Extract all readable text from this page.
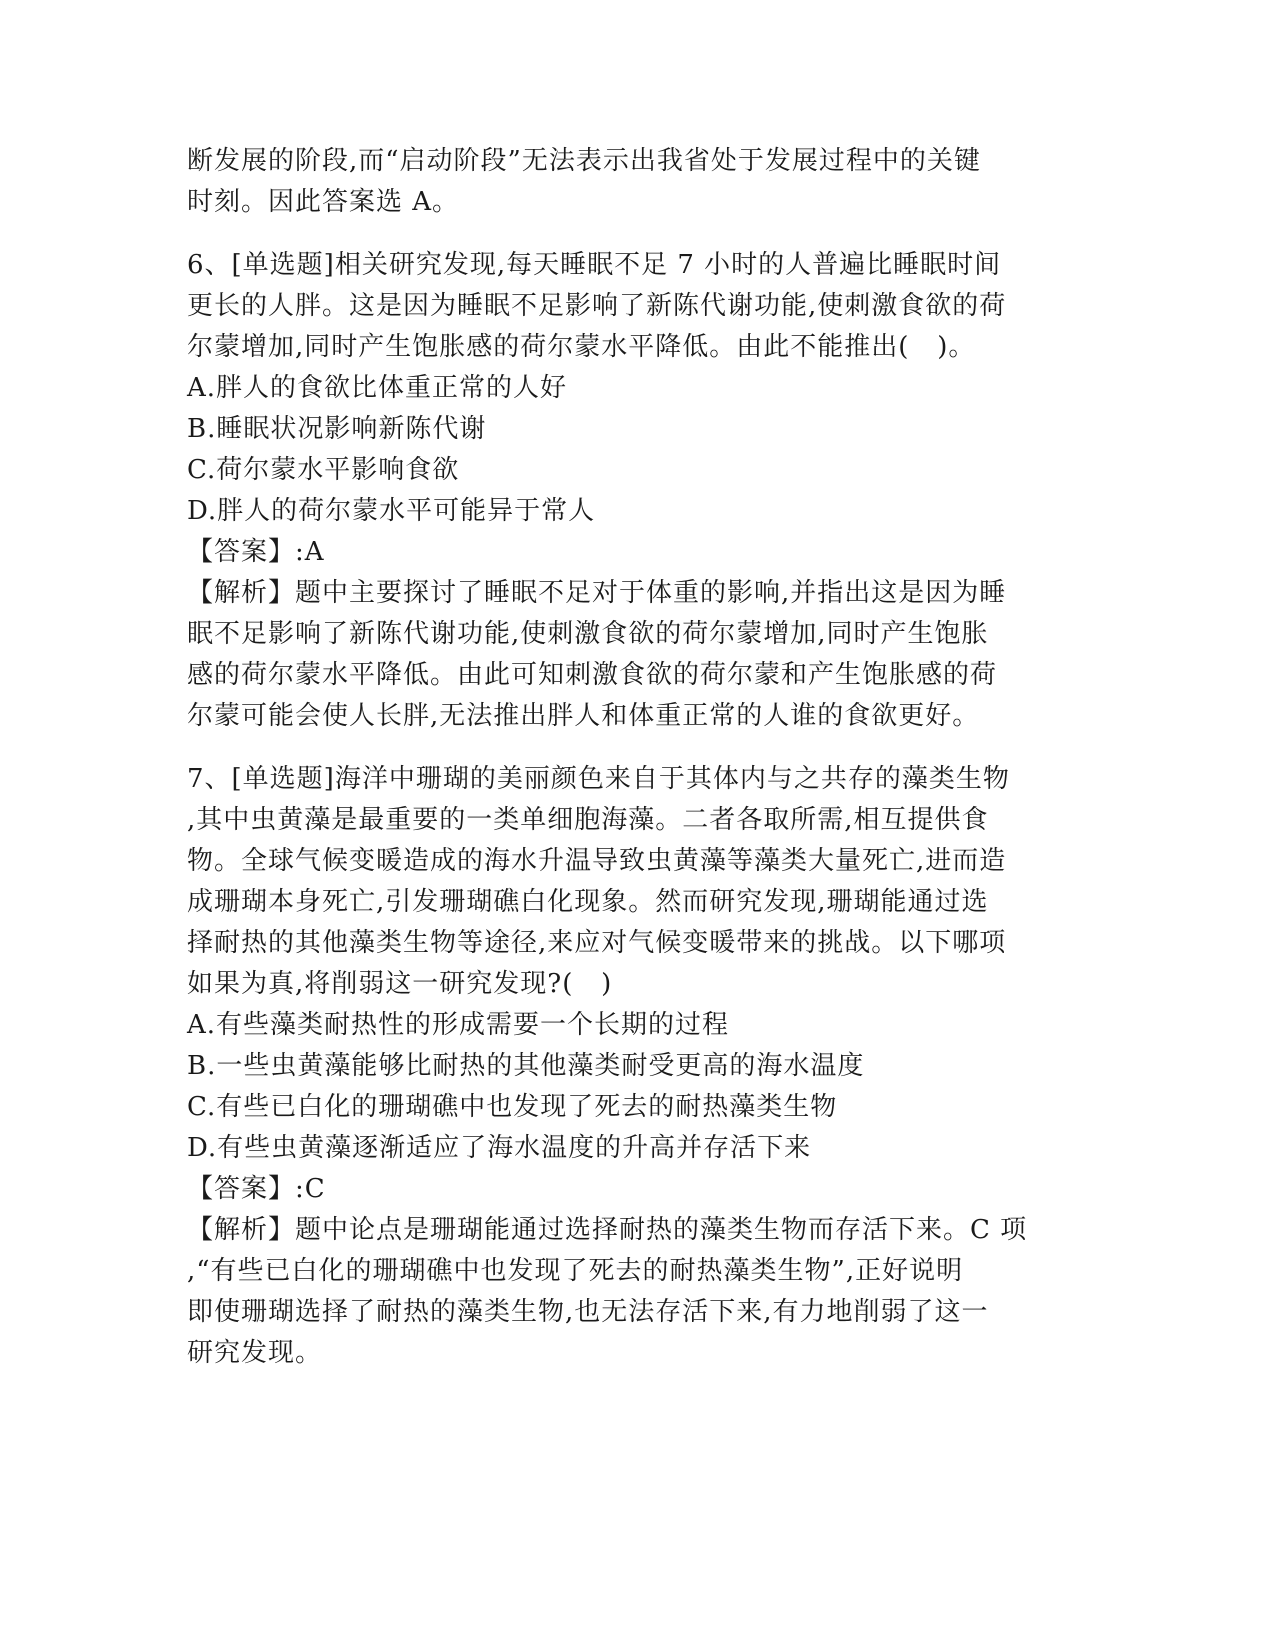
断发展的阶段,而“启动阶段”无法表示出我省处于发展过程中的关键
时刻。因此答案选 A。
6、[单选题]相关研究发现,每天睡眠不足 7 小时的人普遍比睡眠时间
更长的人胖。这是因为睡眠不足影响了新陈代谢功能,使刺激食欲的荷
尔蒙增加,同时产生饱胀感的荷尔蒙水平降低。由此不能推出(   )。
A.胖人的食欲比体重正常的人好
B.睡眠状况影响新陈代谢
C.荷尔蒙水平影响食欲
D.胖人的荷尔蒙水平可能异于常人
【答案】:A
【解析】题中主要探讨了睡眠不足对于体重的影响,并指出这是因为睡
眠不足影响了新陈代谢功能,使刺激食欲的荷尔蒙增加,同时产生饱胀
感的荷尔蒙水平降低。由此可知刺激食欲的荷尔蒙和产生饱胀感的荷
尔蒙可能会使人长胖,无法推出胖人和体重正常的人谁的食欲更好。
7、[单选题]海洋中珊瑚的美丽颜色来自于其体内与之共存的藻类生物
,其中虫黄藻是最重要的一类单细胞海藻。二者各取所需,相互提供食
物。全球气候变暖造成的海水升温导致虫黄藻等藻类大量死亡,进而造
成珊瑚本身死亡,引发珊瑚礁白化现象。然而研究发现,珊瑚能通过选
择耐热的其他藻类生物等途径,来应对气候变暖带来的挑战。以下哪项
如果为真,将削弱这一研究发现?(   )
A.有些藻类耐热性的形成需要一个长期的过程
B.一些虫黄藻能够比耐热的其他藻类耐受更高的海水温度
C.有些已白化的珊瑚礁中也发现了死去的耐热藻类生物
D.有些虫黄藻逐渐适应了海水温度的升高并存活下来
【答案】:C
【解析】题中论点是珊瑚能通过选择耐热的藻类生物而存活下来。C 项
,“有些已白化的珊瑚礁中也发现了死去的耐热藻类生物”,正好说明
即使珊瑚选择了耐热的藻类生物,也无法存活下来,有力地削弱了这一
研究发现。
